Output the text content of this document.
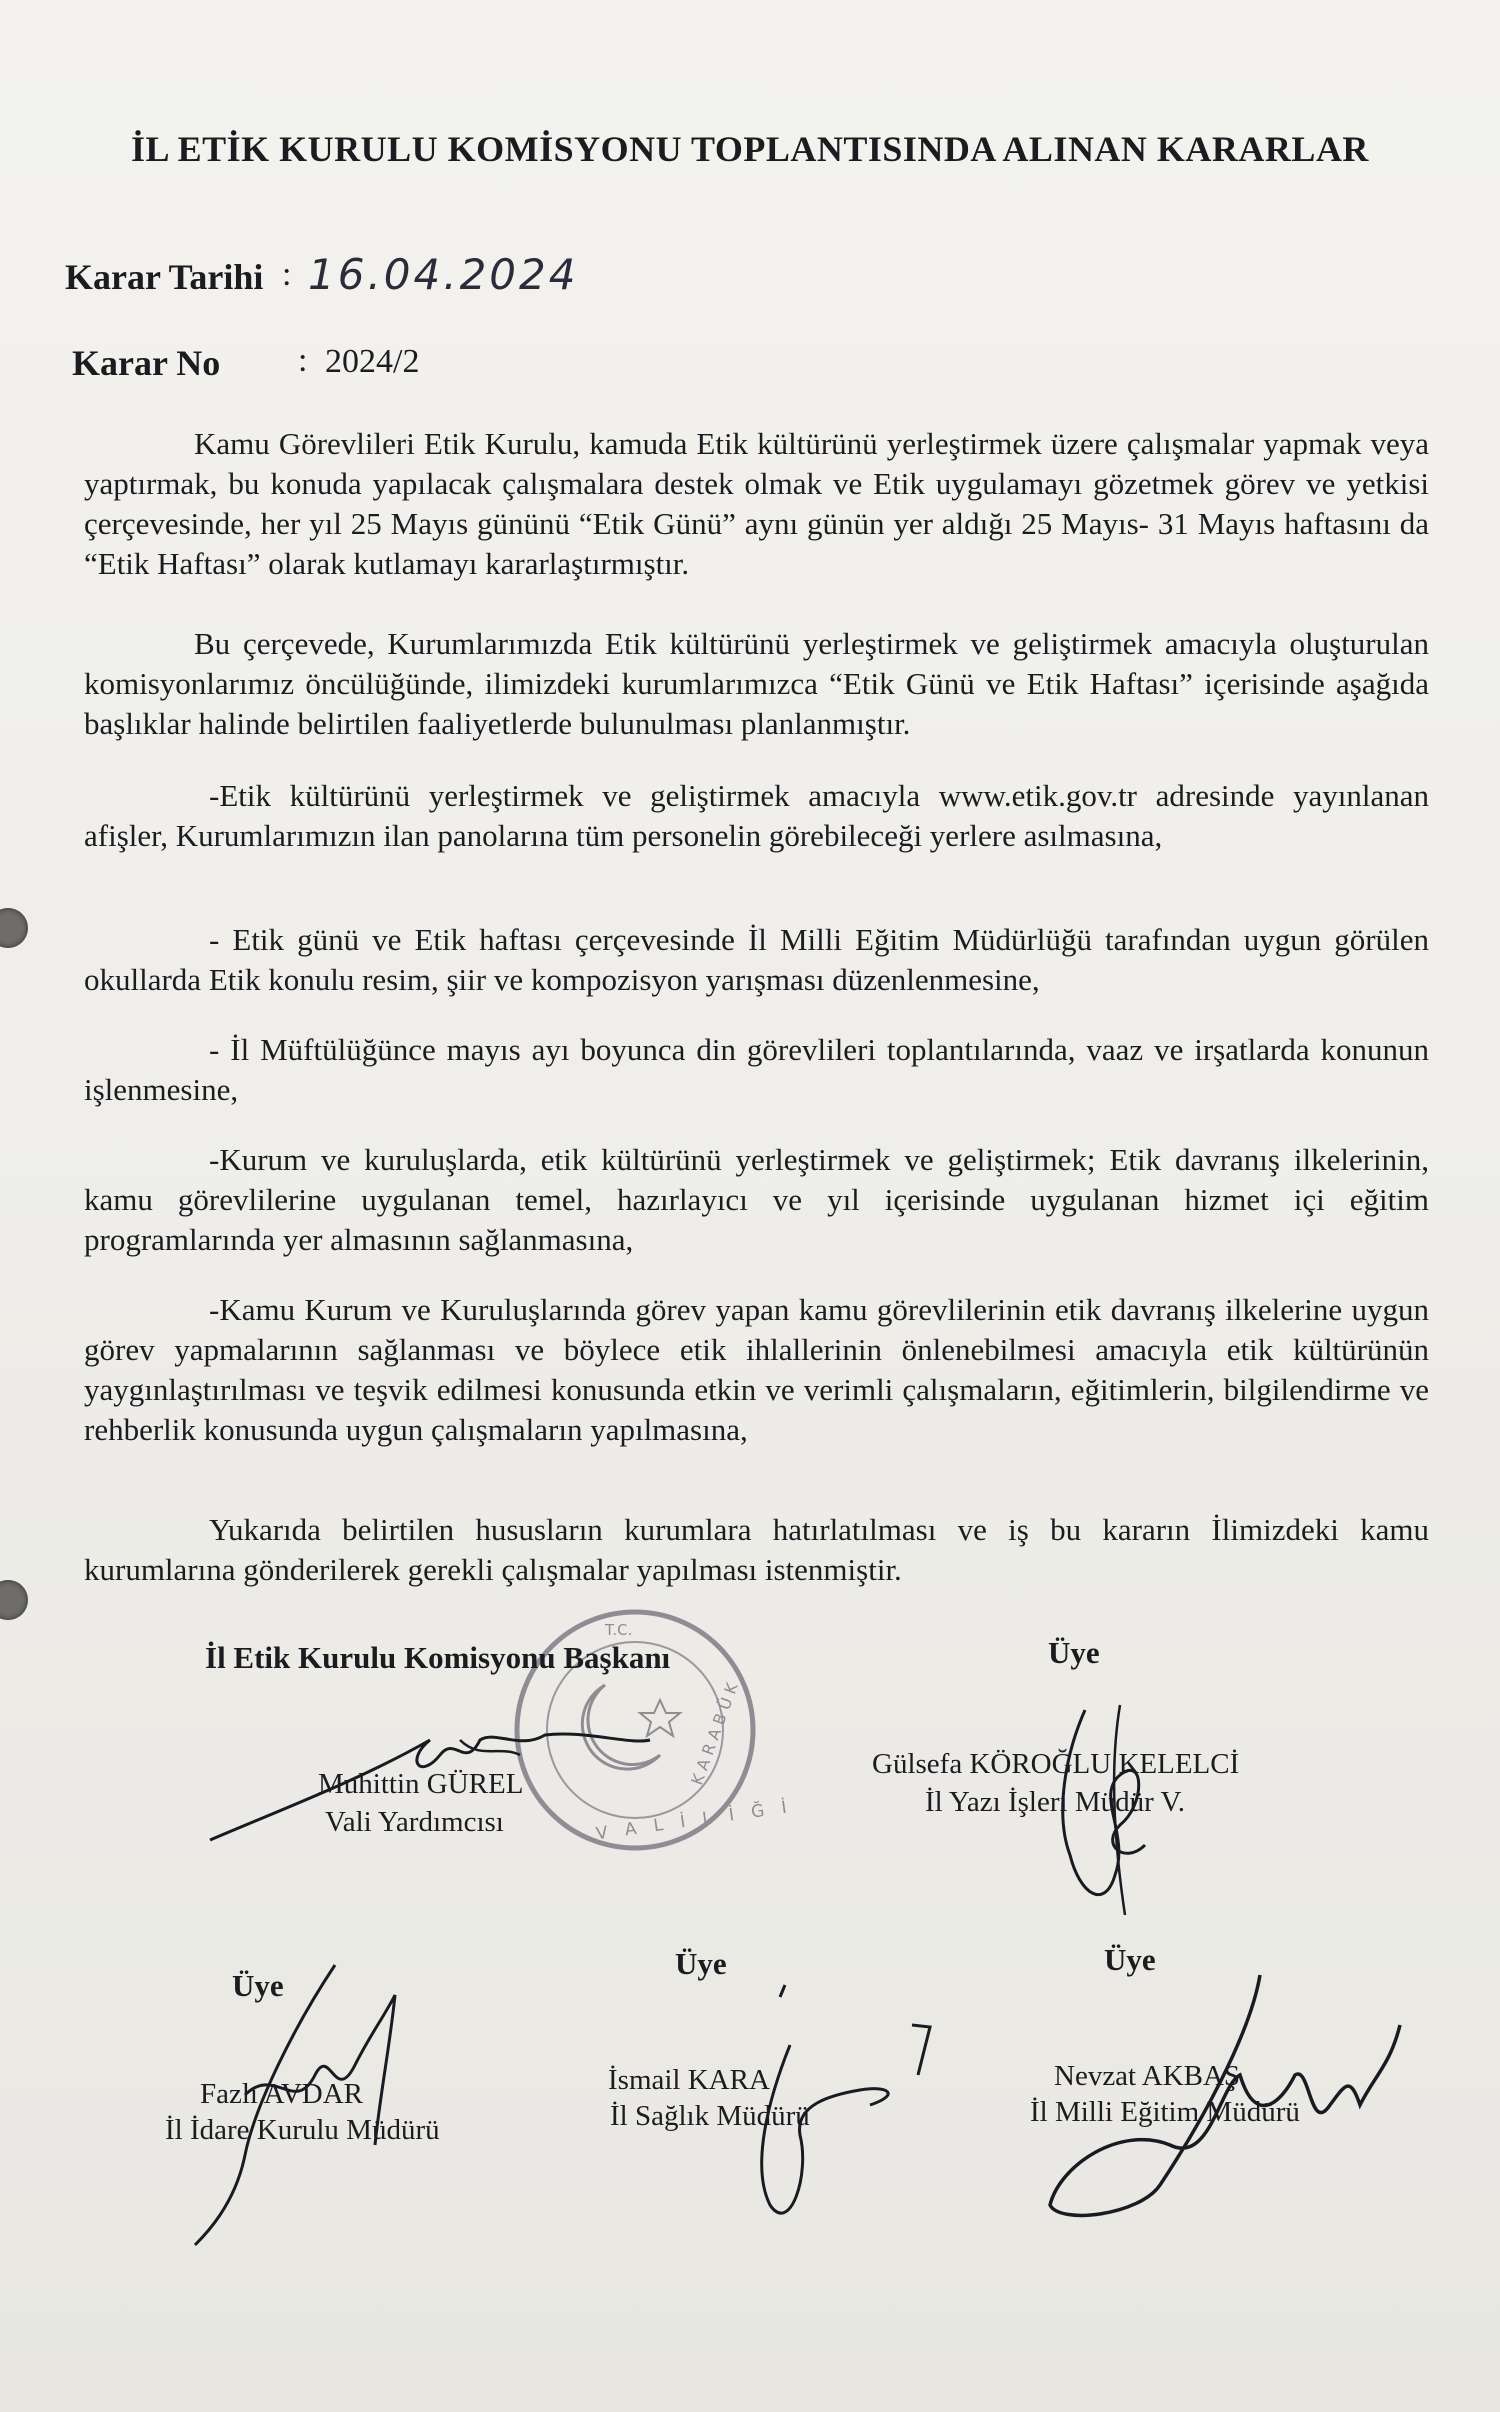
İL ETİK KURULU KOMİSYONU TOPLANTISINDA ALINAN KARARLAR
Karar Tarihi : 16.04.2024
Karar No : 2024/2
Kamu Görevlileri Etik Kurulu, kamuda Etik kültürünü yerleştirmek üzere çalışmalar yapmak veya yaptırmak, bu konuda yapılacak çalışmalara destek olmak ve Etik uygulamayı gözetmek görev ve yetkisi çerçevesinde, her yıl 25 Mayıs gününü “Etik Günü” aynı günün yer aldığı 25 Mayıs- 31 Mayıs haftasını da “Etik Haftası” olarak kutlamayı kararlaştırmıştır.
Bu çerçevede, Kurumlarımızda Etik kültürünü yerleştirmek ve geliştirmek amacıyla oluşturulan komisyonlarımız öncülüğünde, ilimizdeki kurumlarımızca “Etik Günü ve Etik Haftası” içerisinde aşağıda başlıklar halinde belirtilen faaliyetlerde bulunulması planlanmıştır.
-Etik kültürünü yerleştirmek ve geliştirmek amacıyla www.etik.gov.tr adresinde yayınlanan afişler, Kurumlarımızın ilan panolarına tüm personelin görebileceği yerlere asılmasına,
- Etik günü ve Etik haftası çerçevesinde İl Milli Eğitim Müdürlüğü tarafından uygun görülen okullarda Etik konulu resim, şiir ve kompozisyon yarışması düzenlenmesine,
- İl Müftülüğünce mayıs ayı boyunca din görevlileri toplantılarında, vaaz ve irşatlarda konunun işlenmesine,
-Kurum ve kuruluşlarda, etik kültürünü yerleştirmek ve geliştirmek; Etik davranış ilkelerinin, kamu görevlilerine uygulanan temel, hazırlayıcı ve yıl içerisinde uygulanan hizmet içi eğitim programlarında yer almasının sağlanmasına,
-Kamu Kurum ve Kuruluşlarında görev yapan kamu görevlilerinin etik davranış ilkelerine uygun görev yapmalarının sağlanması ve böylece etik ihlallerinin önlenebilmesi amacıyla etik kültürünün yaygınlaştırılması ve teşvik edilmesi konusunda etkin ve verimli çalışmaların, eğitimlerin, bilgilendirme ve rehberlik konusunda uygun çalışmaların yapılmasına,
Yukarıda belirtilen hususların kurumlara hatırlatılması ve iş bu kararın İlimizdeki kamu kurumlarına gönderilerek gerekli çalışmalar yapılması istenmiştir.
V A L İ L İ Ğ İ
K A R A B Ü K
T.C.
İl Etik Kurulu Komisyonu Başkanı
Muhittin GÜREL
Vali Yardımcısı
Üye
Gülsefa KÖROĞLU KELELCİ
İl Yazı İşleri Müdür V.
Üye
Fazlı AVDAR
İl İdare Kurulu Müdürü
Üye
İsmail KARA
İl Sağlık Müdürü
Üye
Nevzat AKBAŞ
İl Milli Eğitim Müdürü
